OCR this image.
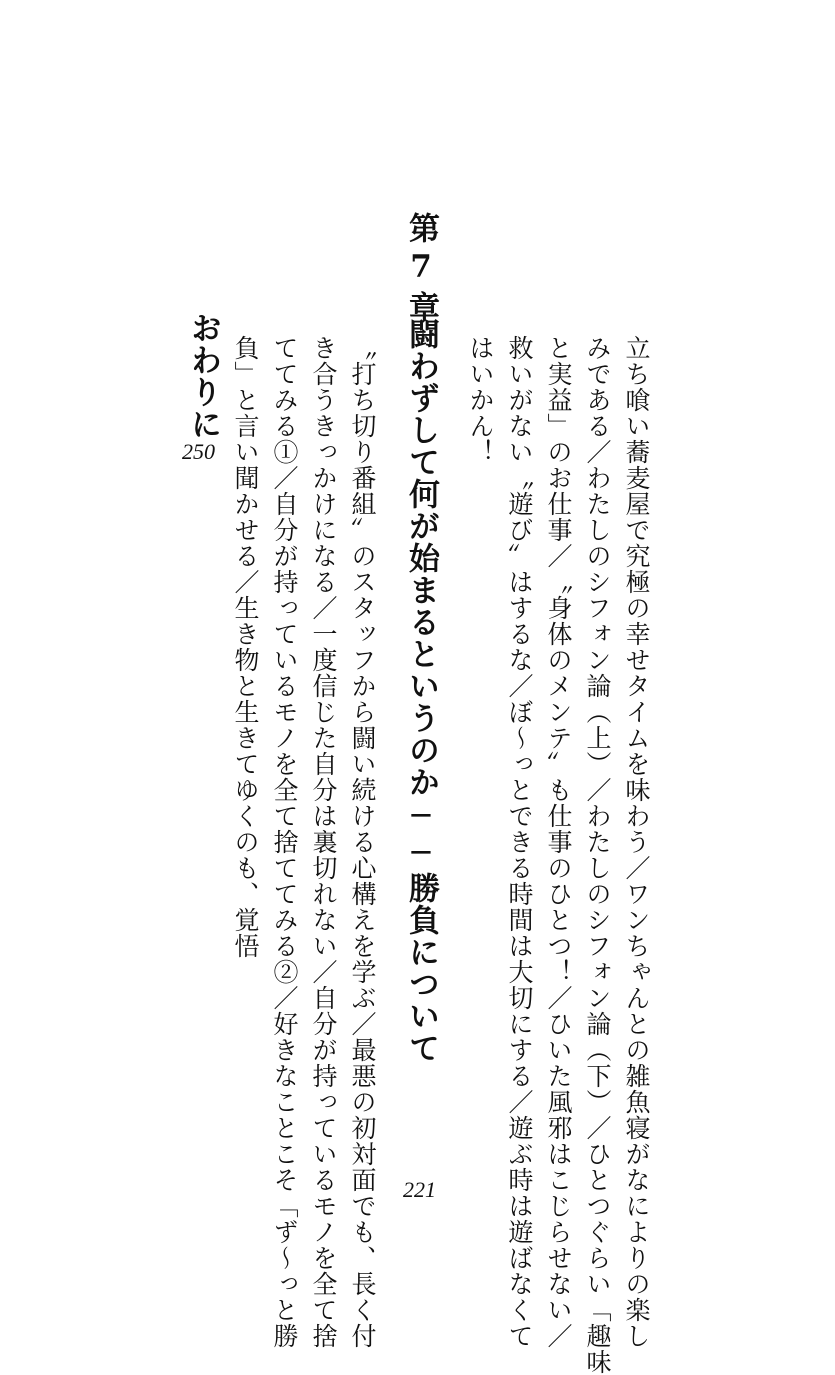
立ち喰い蕎麦屋で究極の幸せタイムを味わう／ワンちゃんとの雑魚寝がなによりの楽し
みである／わたしのシフォン論（上）／わたしのシフォン論（下）／ひとつぐらい「趣味
と実益」のお仕事／〝身体のメンテ〟も仕事のひとつ！／ひいた風邪はこじらせない／
救いがない〝遊び〟はするな／ぼ～っとできる時間は大切にする／遊ぶ時は遊ばなくて
はいかん！
第7章
闘わずして何が始まるというのか──勝負について
221
〝打ち切り番組〟のスタッフから闘い続ける心構えを学ぶ／最悪の初対面でも、長く付
き合うきっかけになる／一度信じた自分は裏切れない／自分が持っているモノを全て捨
ててみる①／自分が持っているモノを全て捨ててみる②／好きなことこそ「ず～っと勝
負」と言い聞かせる／生き物と生きてゆくのも、覚悟
おわりに
250
